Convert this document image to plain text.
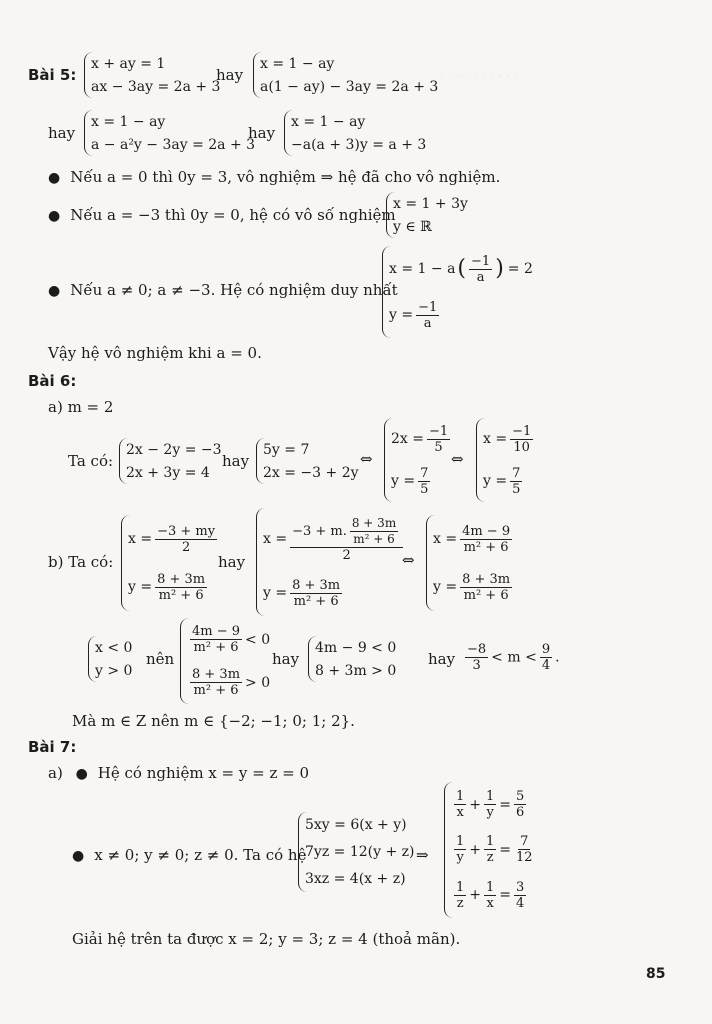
· · · · · · · · · ·
Bài 5:
x + ay = 1
ax − 3ay = 2a + 3
hay
x = 1 − ay
a(1 − ay) − 3ay = 2a + 3
hay
x = 1 − ay
a − a²y − 3ay = 2a + 3
hay
x = 1 − ay
−a(a + 3)y = a + 3
● Nếu a = 0 thì 0y = 3, vô nghiệm ⇒ hệ đã cho vô nghiệm.
● Nếu a = −3 thì 0y = 0, hệ có vô số nghiệm
x = 1 + 3y
y ∈ ℝ
● Nếu a ≠ 0; a ≠ −3. Hệ có nghiệm duy nhất
x = 1 − a ( $\frac{-1}{a}$ ) = 2
$y = \frac{-1}{a}$
Vậy hệ vô nghiệm khi a = 0.
Bài 6:
a) m = 2
Ta có:
2x − 2y = −3
2x + 3y = 4
hay
5y = 7
2x = −3 + 2y
⇔
$2x = \frac{-1}{5}$
$y = \frac{7}{5}$
⇔
$x = \frac{-1}{10}$
$y = \frac{7}{5}$
b) Ta có:
$x = \frac{-3 + my}{2}$
$y = \frac{8 + 3m}{\text{m² + 6}}$
hay
$x = \frac{-3 + m. \frac{8 + 3m}{\text{m² + 6}}}{2}$
$y = \frac{8 + 3m}{\text{m² + 6}}$
⇔
$x = \frac{4m - 9}{\text{m² + 6}}$
$y = \frac{8 + 3m}{\text{m² + 6}}$
x < 0
y > 0
nên
$\frac{4m - 9}{\text{m² + 6}} < 0$
$\frac{8 + 3m}{\text{m² + 6}} > 0$
hay
4m − 9 < 0
8 + 3m > 0
hay $\frac{-8}{3} < m < \frac{9}{4}$ .
Mà m ∈ Z nên m ∈ {−2; −1; 0; 1; 2}.
Bài 7:
a) ● Hệ có nghiệm x = y = z = 0
● x ≠ 0; y ≠ 0; z ≠ 0. Ta có hệ
5xy = 6(x + y)
7yz = 12(y + z)
3xz = 4(x + z)
⇒
$\frac{1}{x} + \frac{1}{y} = \frac{5}{6}$
$\frac{1}{y} + \frac{1}{z} = \frac{7}{12}$
$\frac{1}{z} + \frac{1}{x} = \frac{3}{4}$
Giải hệ trên ta được x = 2; y = 3; z = 4 (thoả mãn).
85
